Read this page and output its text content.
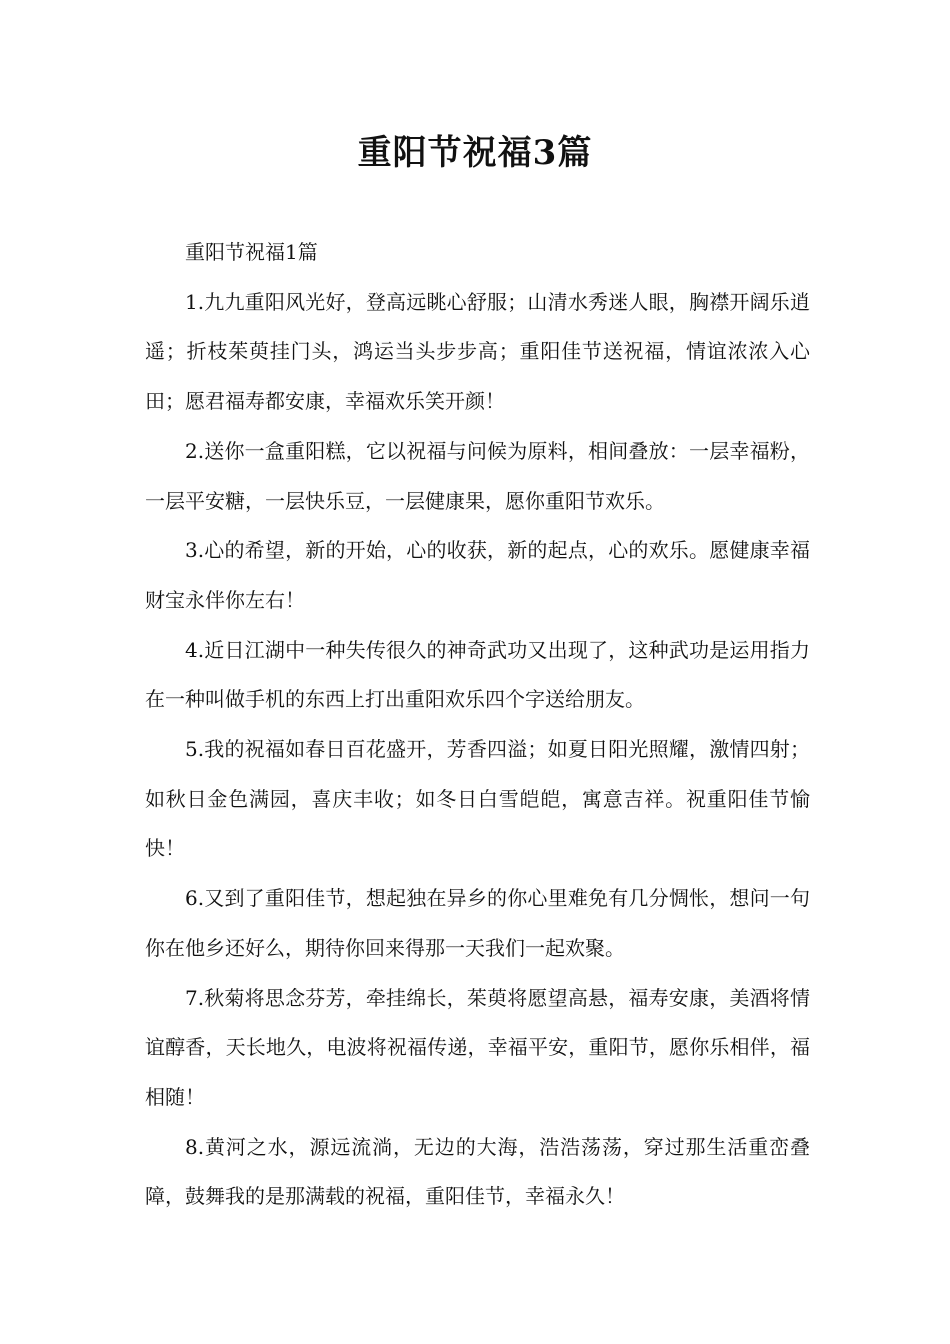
重阳节祝福3篇

重阳节祝福1篇

1.九九重阳风光好，登高远眺心舒服；山清水秀迷人眼，胸襟开阔乐逍遥；折枝茱萸挂门头，鸿运当头步步高；重阳佳节送祝福，情谊浓浓入心田；愿君福寿都安康，幸福欢乐笑开颜！

2.送你一盒重阳糕，它以祝福与问候为原料，相间叠放：一层幸福粉，一层平安糖，一层快乐豆，一层健康果，愿你重阳节欢乐。

3.心的希望，新的开始，心的收获，新的起点，心的欢乐。愿健康幸福财宝永伴你左右！

4.近日江湖中一种失传很久的神奇武功又出现了，这种武功是运用指力在一种叫做手机的东西上打出重阳欢乐四个字送给朋友。

5.我的祝福如春日百花盛开，芳香四溢；如夏日阳光照耀，激情四射；如秋日金色满园，喜庆丰收；如冬日白雪皑皑，寓意吉祥。祝重阳佳节愉快！

6.又到了重阳佳节，想起独在异乡的你心里难免有几分惆怅，想问一句你在他乡还好么，期待你回来得那一天我们一起欢聚。

7.秋菊将思念芬芳，牵挂绵长，茱萸将愿望高悬，福寿安康，美酒将情谊醇香，天长地久，电波将祝福传递，幸福平安，重阳节，愿你乐相伴，福相随！

8.黄河之水，源远流淌，无边的大海，浩浩荡荡，穿过那生活重峦叠障，鼓舞我的是那满载的祝福，重阳佳节，幸福永久！
